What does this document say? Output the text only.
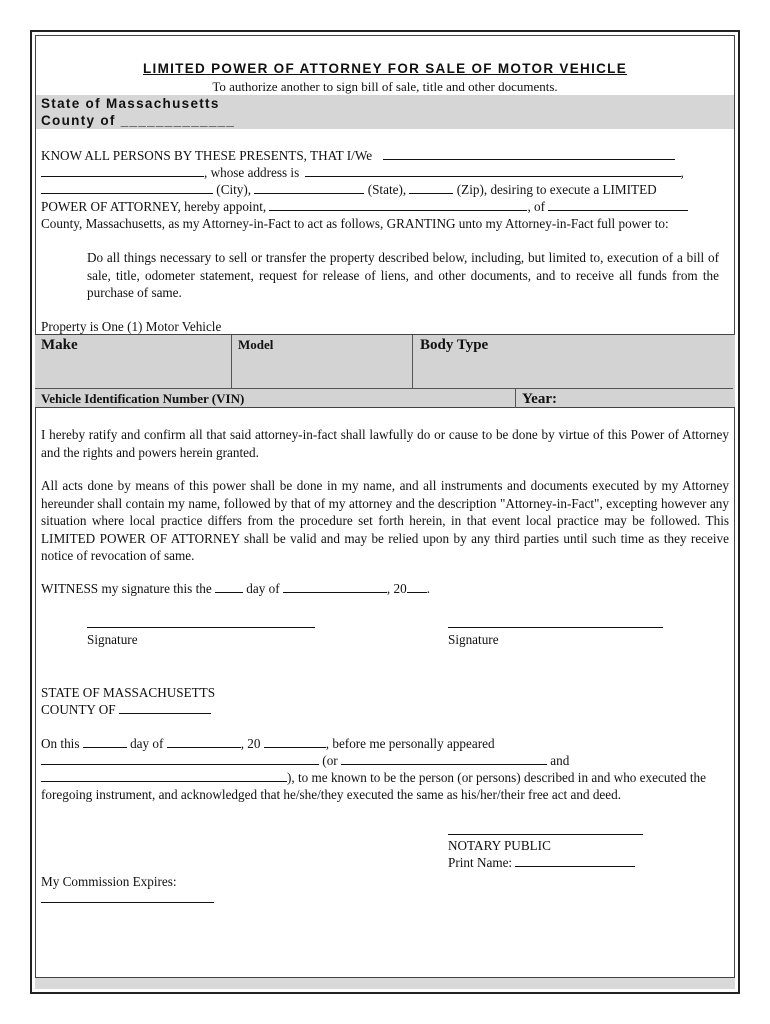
LIMITED POWER OF ATTORNEY FOR SALE OF MOTOR VEHICLE
To authorize another to sign bill of sale, title and other documents.
State of Massachusetts
County of _____________
KNOW ALL PERSONS BY THESE PRESENTS, THAT I/We
, whose address is	,
(City),	(State),	(Zip), desiring to execute a LIMITED
POWER OF ATTORNEY, hereby appoint,	, of
County, Massachusetts, as my Attorney-in-Fact to act as follows, GRANTING unto my Attorney-in-Fact full power to:
Do all things necessary to sell or transfer the property described below, including, but limited to, execution of a bill of sale, title, odometer statement, request for release of liens, and other documents, and to receive all funds from the purchase of same.
Property is One (1) Motor Vehicle
Make	Model	Body Type
Vehicle Identification Number (VIN)	Year:
I hereby ratify and confirm all that said attorney-in-fact shall lawfully do or cause to be done by virtue of this Power of Attorney and the rights and powers herein granted.
All acts done by means of this power shall be done in my name, and all instruments and documents executed by my Attorney hereunder shall contain my name, followed by that of my attorney and the description "Attorney-in-Fact", excepting however any situation where local practice differs from the procedure set forth herein, in that event local practice may be followed. This LIMITED POWER OF ATTORNEY shall be valid and may be relied upon by any third parties until such time as they receive notice of revocation of same.
WITNESS my signature this the	day of	, 20 .
Signature	Signature
STATE OF MASSACHUSETTS
COUNTY OF
On this	day of	, 20	, before me personally appeared
(or	and
), to me known to be the person (or persons) described in and who executed the
foregoing instrument, and acknowledged that he/she/they executed the same as his/her/their free act and deed.
NOTARY PUBLIC
Print Name:
My Commission Expires:
